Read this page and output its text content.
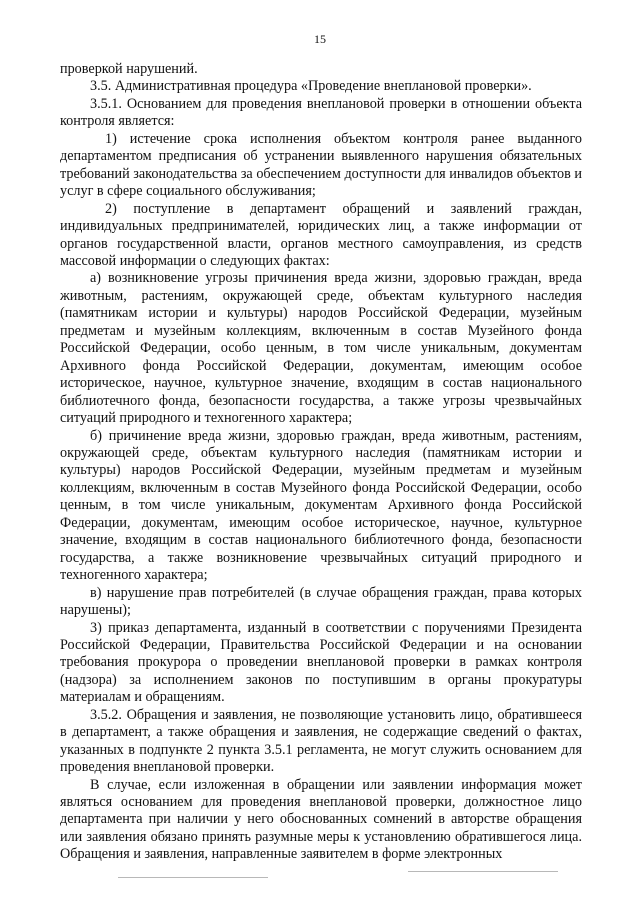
15

проверкой нарушений.

3.5. Административная процедура «Проведение внеплановой проверки».

3.5.1. Основанием для проведения внеплановой проверки в отношении объекта контроля является:

1) истечение срока исполнения объектом контроля ранее выданного департаментом предписания об устранении выявленного нарушения обязательных требований законодательства за обеспечением доступности для инвалидов объектов и услуг в сфере социального обслуживания;

2) поступление в департамент обращений и заявлений граждан, индивидуальных предпринимателей, юридических лиц, а также информации от органов государственной власти, органов местного самоуправления, из средств массовой информации о следующих фактах:

а) возникновение угрозы причинения вреда жизни, здоровью граждан, вреда животным, растениям, окружающей среде, объектам культурного наследия (памятникам истории и культуры) народов Российской Федерации, музейным предметам и музейным коллекциям, включенным в состав Музейного фонда Российской Федерации, особо ценным, в том числе уникальным, документам Архивного фонда Российской Федерации, документам, имеющим особое историческое, научное, культурное значение, входящим в состав национального библиотечного фонда, безопасности государства, а также угрозы чрезвычайных ситуаций природного и техногенного характера;

б) причинение вреда жизни, здоровью граждан, вреда животным, растениям, окружающей среде, объектам культурного наследия (памятникам истории и культуры) народов Российской Федерации, музейным предметам и музейным коллекциям, включенным в состав Музейного фонда Российской Федерации, особо ценным, в том числе уникальным, документам Архивного фонда Российской Федерации, документам, имеющим особое историческое, научное, культурное значение, входящим в состав национального библиотечного фонда, безопасности государства, а также возникновение чрезвычайных ситуаций природного и техногенного характера;

в) нарушение прав потребителей (в случае обращения граждан, права которых нарушены);

3) приказ департамента, изданный в соответствии с поручениями Президента Российской Федерации, Правительства Российской Федерации и на основании требования прокурора о проведении внеплановой проверки в рамках контроля (надзора) за исполнением законов по поступившим в органы прокуратуры материалам и обращениям.

3.5.2. Обращения и заявления, не позволяющие установить лицо, обратившееся в департамент, а также обращения и заявления, не содержащие сведений о фактах, указанных в подпункте 2 пункта 3.5.1 регламента, не могут служить основанием для проведения внеплановой проверки.

В случае, если изложенная в обращении или заявлении информация может являться основанием для проведения внеплановой проверки, должностное лицо департамента при наличии у него обоснованных сомнений в авторстве обращения или заявления обязано принять разумные меры к установлению обратившегося лица. Обращения и заявления, направленные заявителем в форме электронных
